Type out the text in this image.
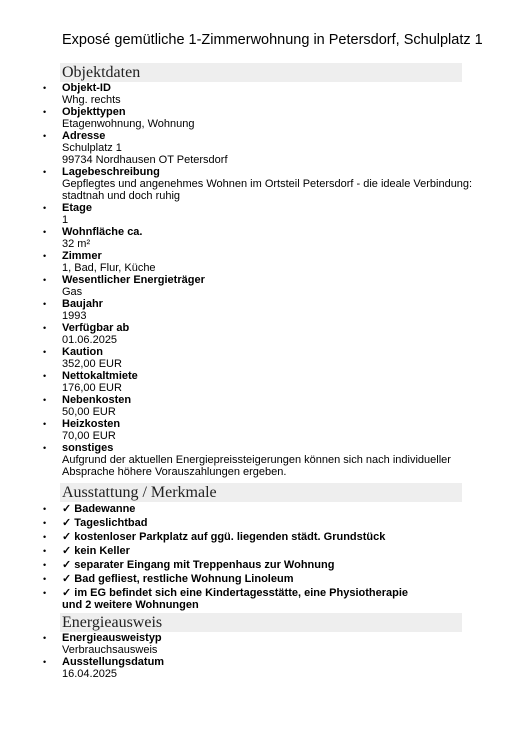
Exposé gemütliche 1-Zimmerwohnung in Petersdorf, Schulplatz 1
Objektdaten
• Objekt-ID
Whg. rechts
• Objekttypen
Etagenwohnung, Wohnung
• Adresse
Schulplatz 1
99734 Nordhausen OT Petersdorf
• Lagebeschreibung
Gepflegtes und angenehmes Wohnen im Ortsteil Petersdorf - die ideale Verbindung: stadtnah und doch ruhig
• Etage
1
• Wohnfläche ca.
32 m²
• Zimmer
1, Bad, Flur, Küche
• Wesentlicher Energieträger
Gas
• Baujahr
1993
• Verfügbar ab
01.06.2025
• Kaution
352,00 EUR
• Nettokaltmiete
176,00 EUR
• Nebenkosten
50,00 EUR
• Heizkosten
70,00 EUR
• sonstiges
Aufgrund der aktuellen Energiepreissteigerungen können sich nach individueller Absprache höhere Vorauszahlungen ergeben.
Ausstattung / Merkmale
• ✓ Badewanne
• ✓ Tageslichtbad
• ✓ kostenloser Parkplatz auf ggü. liegenden städt. Grundstück
• ✓ kein Keller
• ✓ separater Eingang mit Treppenhaus zur Wohnung
• ✓ Bad gefliest, restliche Wohnung Linoleum
• ✓ im EG befindet sich eine Kindertagesstätte, eine Physiotherapie und 2 weitere Wohnungen
Energieausweis
• Energieausweistyp
Verbrauchsausweis
• Ausstellungsdatum
16.04.2025
